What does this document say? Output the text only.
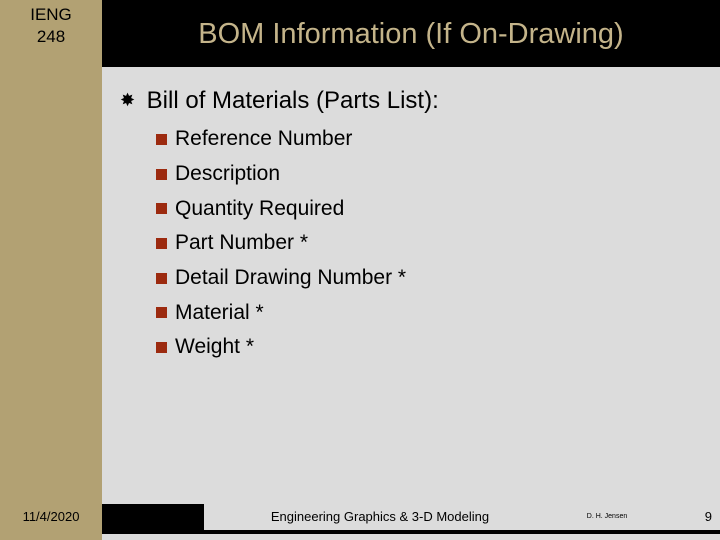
IENG
248	BOM Information (If On-Drawing)
✸ Bill of Materials (Parts List):
Reference Number
Description
Quantity Required
Part Number *
Detail Drawing Number *
Material *
Weight *
11/4/2020	Engineering Graphics & 3-D Modeling	D. H. Jensen	9
